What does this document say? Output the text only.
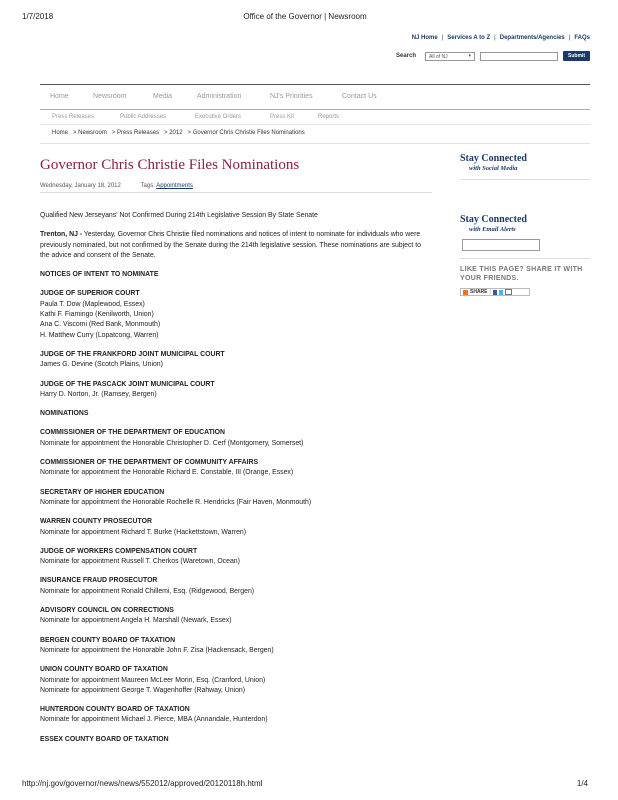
1/7/2018	Office of the Governor | Newsroom
NJ Home | Services A to Z | Departments/Agencies | FAQs
Search	All of NJ	▾	Submit
Home	Newsroom	Media	Administration	NJ's Priorities	Contact Us
Press Releases	Public Addresses	Executive Orders	Press Kit	Reports
Home   > Newsroom   > Press Releases   > 2012   > Governor Chris Christie Files Nominations
Governor Chris Christie Files Nominations
Wednesday, January 18, 2012	Tags: Appointments

Qualified New Jerseyans' Not Confirmed During 214th Legislative Session By State Senate

Trenton, NJ - Yesterday, Governor Chris Christie filed nominations and notices of intent to nominate for individuals who were previously nominated, but not confirmed by the Senate during the 214th legislative session. These nominations are subject to the advice and consent of the Senate.

NOTICES OF INTENT TO NOMINATE

JUDGE OF SUPERIOR COURT
Paula T. Dow (Maplewood, Essex)
Kathi F. Fiamingo (Kenilworth, Union)
Ana C. Viscomi (Red Bank, Monmouth)
H. Matthew Curry (Lopatcong, Warren)

JUDGE OF THE FRANKFORD JOINT MUNICIPAL COURT
James G. Devine (Scotch Plains, Union)

JUDGE OF THE PASCACK JOINT MUNICIPAL COURT
Harry D. Norton, Jr. (Ramsey, Bergen)

NOMINATIONS

COMMISSIONER OF THE DEPARTMENT OF EDUCATION
Nominate for appointment the Honorable Christopher D. Cerf (Montgomery, Somerset)

COMMISSIONER OF THE DEPARTMENT OF COMMUNITY AFFAIRS
Nominate for appointment the Honorable Richard E. Constable, III (Orange, Essex)

SECRETARY OF HIGHER EDUCATION
Nominate for appointment the Honorable Rochelle R. Hendricks (Fair Haven, Monmouth)

WARREN COUNTY PROSECUTOR
Nominate for appointment Richard T. Burke (Hackettstown, Warren)

JUDGE OF WORKERS COMPENSATION COURT
Nominate for appointment Russell T. Cherkos (Waretown, Ocean)

INSURANCE FRAUD PROSECUTOR
Nominate for appointment Ronald Chillemi, Esq. (Ridgewood, Bergen)

ADVISORY COUNCIL ON CORRECTIONS
Nominate for appointment Angela H. Marshall (Newark, Essex)

BERGEN COUNTY BOARD OF TAXATION
Nominate for appointment the Honorable John F. Zisa (Hackensack, Bergen)

UNION COUNTY BOARD OF TAXATION
Nominate for appointment Maureen McLeer Morin, Esq. (Cranford, Union)
Nominate for appointment George T. Wagenhoffer (Rahway, Union)

HUNTERDON COUNTY BOARD OF TAXATION
Nominate for appointment Michael J. Pierce, MBA (Annandale, Hunterdon)

ESSEX COUNTY BOARD OF TAXATION

Stay Connected
with Social Media
Stay Connected
with Email Alerts
LIKE THIS PAGE? SHARE IT WITH YOUR FRIENDS.
SHARE |
http://nj.gov/governor/news/news/552012/approved/20120118h.html	1/4
